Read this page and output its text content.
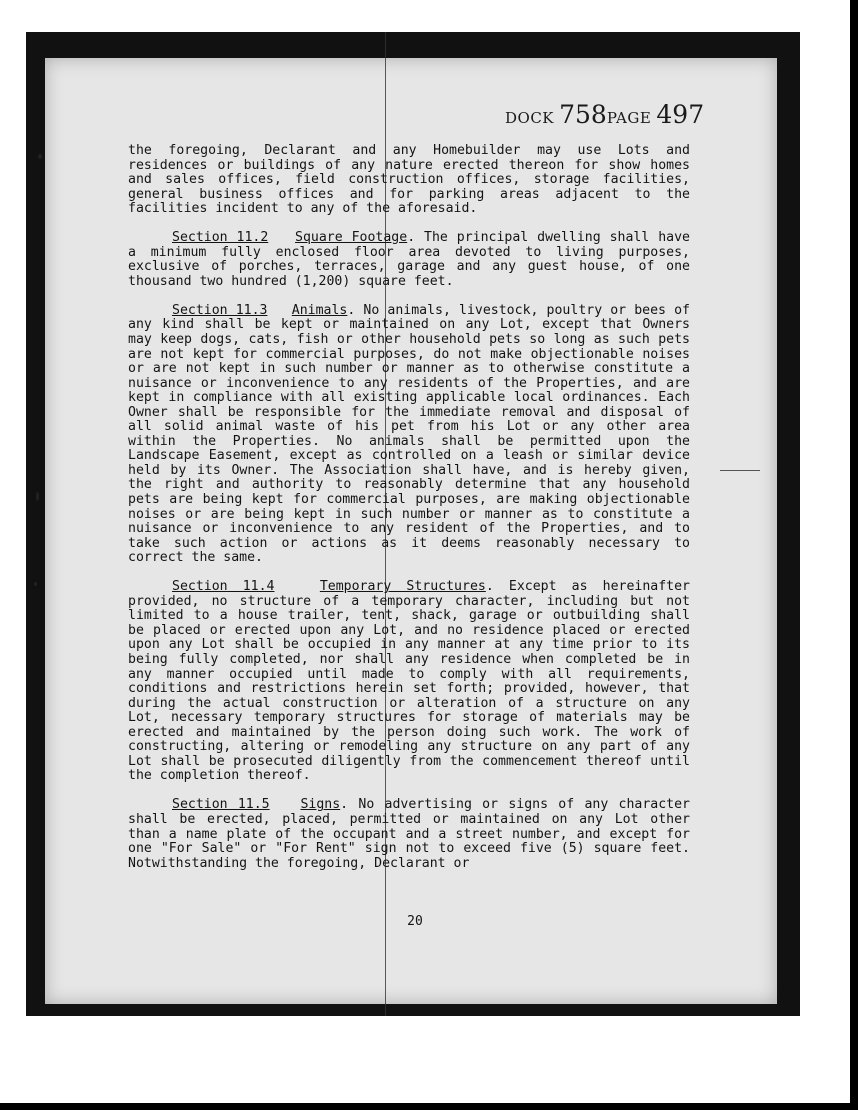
DOCK 758PAGE 497

the foregoing, Declarant and any Homebuilder may use Lots and residences or buildings of any nature erected thereon for show homes and sales offices, field construction offices, storage facilities, general business offices and for parking areas adjacent to the facilities incident to any of the aforesaid.

Section 11.2 Square Footage. The principal dwelling shall have a minimum fully enclosed floor area devoted to living purposes, exclusive of porches, terraces, garage and any guest house, of one thousand two hundred (1,200) square feet.

Section 11.3 Animals. No animals, livestock, poultry or bees of any kind shall be kept or maintained on any Lot, except that Owners may keep dogs, cats, fish or other household pets so long as such pets are not kept for commercial purposes, do not make objectionable noises or are not kept in such number or manner as to otherwise constitute a nuisance or inconvenience to any residents of the Properties, and are kept in compliance with all existing applicable local ordinances. Each Owner shall be responsible for the immediate removal and disposal of all solid animal waste of his pet from his Lot or any other area within the Properties. No animals shall be permitted upon the Landscape Easement, except as controlled on a leash or similar device held by its Owner. The Association shall have, and is hereby given, the right and authority to reasonably determine that any household pets are being kept for commercial purposes, are making objectionable noises or are being kept in such number or manner as to constitute a nuisance or inconvenience to any resident of the Properties, and to take such action or actions as it deems reasonably necessary to correct the same.

Section 11.4	Temporary Structures. Except as hereinafter provided, no structure of a temporary character, including but not limited to a house trailer, tent, shack, garage or outbuilding shall be placed or erected upon any Lot, and no residence placed or erected upon any Lot shall be occupied in any manner at any time prior to its being fully completed, nor shall any residence when completed be in any manner occupied until made to comply with all requirements, conditions and restrictions herein set forth; provided, however, that during the actual construction or alteration of a structure on any Lot, necessary temporary structures for storage of materials may be erected and maintained by the person doing such work. The work of constructing, altering or remodeling any structure on any part of any Lot shall be prosecuted diligently from the commencement thereof until the completion thereof.

Section 11.5 Signs. No advertising or signs of any character shall be erected, placed, permitted or maintained on any Lot other than a name plate of the occupant and a street number, and except for one "For Sale" or "For Rent" sign not to exceed five (5) square feet. Notwithstanding the foregoing, Declarant or

20
